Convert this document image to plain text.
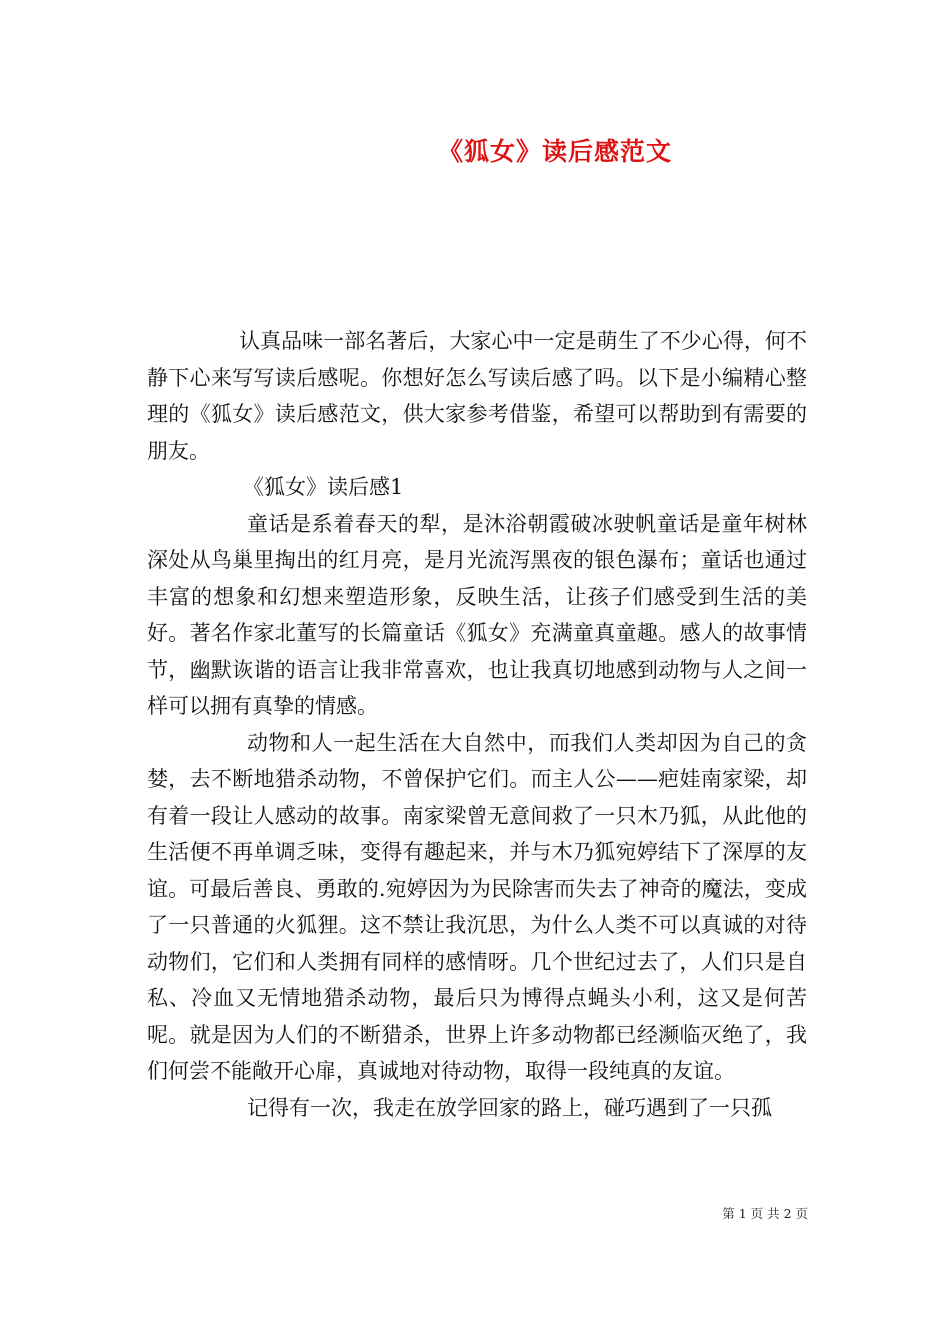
《狐女》读后感范文

认真品味一部名著后，大家心中一定是萌生了不少心得，何不静下心来写写读后感呢。你想好怎么写读后感了吗。以下是小编精心整理的《狐女》读后感范文，供大家参考借鉴，希望可以帮助到有需要的朋友。

《狐女》读后感1

童话是系着春天的犁，是沐浴朝霞破冰驶帆童话是童年树林深处从鸟巢里掏出的红月亮，是月光流泻黑夜的银色瀑布；童话也通过丰富的想象和幻想来塑造形象，反映生活，让孩子们感受到生活的美好。著名作家北董写的长篇童话《狐女》充满童真童趣。感人的故事情节，幽默诙谐的语言让我非常喜欢，也让我真切地感到动物与人之间一样可以拥有真挚的情感。

动物和人一起生活在大自然中，而我们人类却因为自己的贪婪，去不断地猎杀动物，不曾保护它们。而主人公——疤娃南家梁，却有着一段让人感动的故事。南家梁曾无意间救了一只木乃狐，从此他的生活便不再单调乏味，变得有趣起来，并与木乃狐宛婷结下了深厚的友谊。可最后善良、勇敢的.宛婷因为为民除害而失去了神奇的魔法，变成了一只普通的火狐狸。这不禁让我沉思，为什么人类不可以真诚的对待动物们，它们和人类拥有同样的感情呀。几个世纪过去了，人们只是自私、冷血又无情地猎杀动物，最后只为博得点蝇头小利，这又是何苦呢。就是因为人们的不断猎杀，世界上许多动物都已经濒临灭绝了，我们何尝不能敞开心扉，真诚地对待动物，取得一段纯真的友谊。

记得有一次，我走在放学回家的路上，碰巧遇到了一只孤

第 1 页 共 2 页
